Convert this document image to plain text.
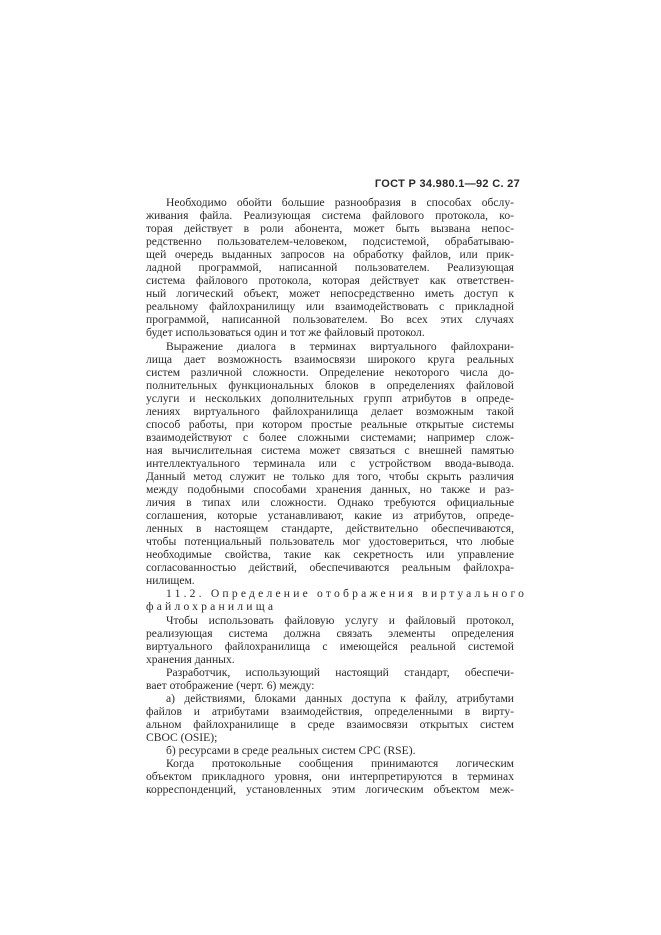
ГОСТ Р 34.980.1—92 С. 27
Необходимо обойти большие разнообразия в способах обслу-
живания файла. Реализующая система файлового протокола, ко-
торая действует в роли абонента, может быть вызвана непос-
редственно пользователем-человеком, подсистемой, обрабатываю-
щей очередь выданных запросов на обработку файлов, или прик-
ладной программой, написанной пользователем. Реализующая
система файлового протокола, которая действует как ответствен-
ный логический объект, может непосредственно иметь доступ к
реальному файлохранилищу или взаимодействовать с прикладной
программой, написанной пользователем. Во всех этих случаях
будет использоваться один и тот же файловый протокол.
Выражение диалога в терминах виртуального файлохрани-
лища дает возможность взаимосвязи широкого круга реальных
систем различной сложности. Определение некоторого числа до-
полнительных функциональных блоков в определениях файловой
услуги и нескольких дополнительных групп атрибутов в опреде-
лениях виртуального файлохранилища делает возможным такой
способ работы, при котором простые реальные открытые системы
взаимодействуют с более сложными системами; например слож-
ная вычислительная система может связаться с внешней памятью
интеллектуального терминала или с устройством ввода-вывода.
Данный метод служит не только для того, чтобы скрыть различия
между подобными способами хранения данных, но также и раз-
личия в типах или сложности. Однако требуются официальные
соглашения, которые устанавливают, какие из атрибутов, опреде-
ленных в настоящем стандарте, действительно обеспечиваются,
чтобы потенциальный пользователь мог удостовериться, что любые
необходимые свойства, такие как секретность или управление
согласованностью действий, обеспечиваются реальным файлохра-
нилищем.
11.2. Определение отображения виртуального
файлохранилища
Чтобы использовать файловую услугу и файловый протокол,
реализующая система должна связать элементы определения
виртуального файлохранилища с имеющейся реальной системой
хранения данных.
Разработчик, использующий настоящий стандарт, обеспечи-
вает отображение (черт. 6) между:
а) действиями, блоками данных доступа к файлу, атрибутами
файлов и атрибутами взаимодействия, определенными в вирту-
альном файлохранилище в среде взаимосвязи открытых систем
СВОС (OSIE);
б) ресурсами в среде реальных систем СРС (RSE).
Когда протокольные сообщения принимаются логическим
объектом прикладного уровня, они интерпретируются в терминах
корреспонденций, установленных этим логическим объектом меж-
